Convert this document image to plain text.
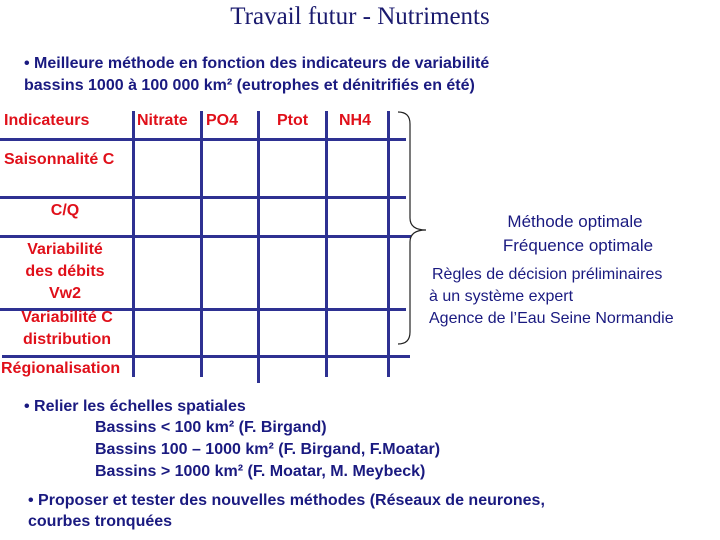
Travail futur - Nutriments
• Meilleure méthode en fonction des indicateurs de variabilité
bassins 1000 à 100 000 km² (eutrophes et dénitrifiés en été)
Indicateurs	Nitrate PO4 Ptot NH4
Saisonnalité C
C/Q
Variabilité
des débits
Vw2
Variabilité C
distribution
Régionalisation
Méthode optimale
Fréquence optimale
Règles de décision préliminaires
à un système expert
Agence de l’Eau Seine Normandie
• Relier les échelles spatiales
Bassins < 100 km² (F. Birgand)
Bassins 100 – 1000 km² (F. Birgand, F.Moatar)
Bassins > 1000 km² (F. Moatar, M. Meybeck)
• Proposer et tester des nouvelles méthodes (Réseaux de neurones,
courbes tronquées
